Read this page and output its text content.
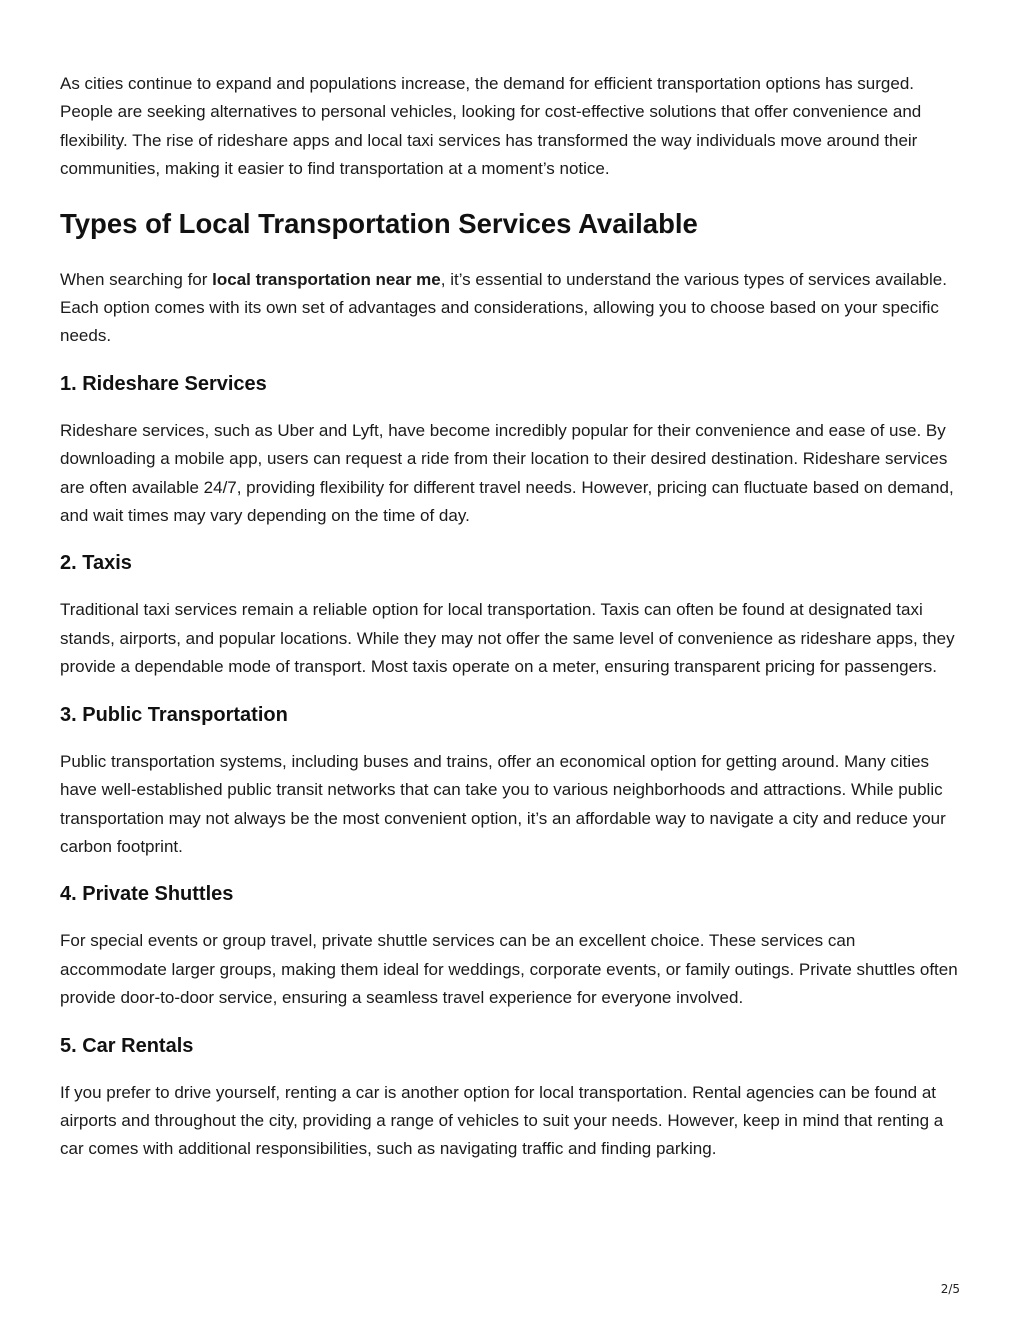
As cities continue to expand and populations increase, the demand for efficient transportation options has surged. People are seeking alternatives to personal vehicles, looking for cost-effective solutions that offer convenience and flexibility. The rise of rideshare apps and local taxi services has transformed the way individuals move around their communities, making it easier to find transportation at a moment’s notice.

Types of Local Transportation Services Available

When searching for local transportation near me, it’s essential to understand the various types of services available. Each option comes with its own set of advantages and considerations, allowing you to choose based on your specific needs.

1. Rideshare Services

Rideshare services, such as Uber and Lyft, have become incredibly popular for their convenience and ease of use. By downloading a mobile app, users can request a ride from their location to their desired destination. Rideshare services are often available 24/7, providing flexibility for different travel needs. However, pricing can fluctuate based on demand, and wait times may vary depending on the time of day.

2. Taxis

Traditional taxi services remain a reliable option for local transportation. Taxis can often be found at designated taxi stands, airports, and popular locations. While they may not offer the same level of convenience as rideshare apps, they provide a dependable mode of transport. Most taxis operate on a meter, ensuring transparent pricing for passengers.

3. Public Transportation

Public transportation systems, including buses and trains, offer an economical option for getting around. Many cities have well-established public transit networks that can take you to various neighborhoods and attractions. While public transportation may not always be the most convenient option, it’s an affordable way to navigate a city and reduce your carbon footprint.

4. Private Shuttles

For special events or group travel, private shuttle services can be an excellent choice. These services can accommodate larger groups, making them ideal for weddings, corporate events, or family outings. Private shuttles often provide door-to-door service, ensuring a seamless travel experience for everyone involved.

5. Car Rentals

If you prefer to drive yourself, renting a car is another option for local transportation. Rental agencies can be found at airports and throughout the city, providing a range of vehicles to suit your needs. However, keep in mind that renting a car comes with additional responsibilities, such as navigating traffic and finding parking.

2/5
